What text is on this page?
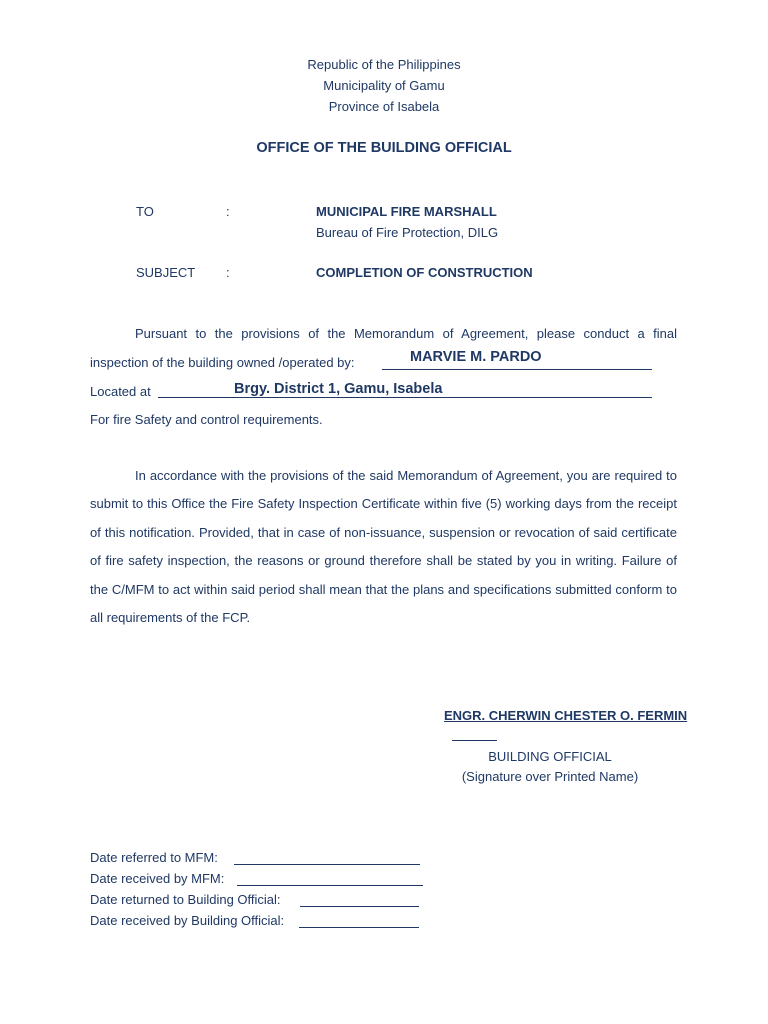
Republic of the Philippines
Municipality of Gamu
Province of Isabela
OFFICE OF THE BUILDING OFFICIAL
TO	:	MUNICIPAL FIRE MARSHALL
Bureau of Fire Protection, DILG
SUBJECT :	COMPLETION OF CONSTRUCTION
Pursuant to the provisions of the Memorandum of Agreement, please conduct a final
inspection of the building owned /operated by:	MARVIE M. PARDO
Located at	Brgy. District 1, Gamu, Isabela
For fire Safety and control requirements.
In accordance with the provisions of the said Memorandum of Agreement, you are required to submit to this Office the Fire Safety Inspection Certificate within five (5) working days from the receipt of this notification. Provided, that in case of non-issuance, suspension or revocation of said certificate of fire safety inspection, the reasons or ground therefore shall be stated by you in writing. Failure of the C/MFM to act within said period shall mean that the plans and specifications submitted conform to all requirements of the FCP.
ENGR. CHERWIN CHESTER O. FERMIN
BUILDING OFFICIAL
(Signature over Printed Name)
Date referred to MFM:
Date received by MFM:
Date returned to Building Official:
Date received by Building Official:
